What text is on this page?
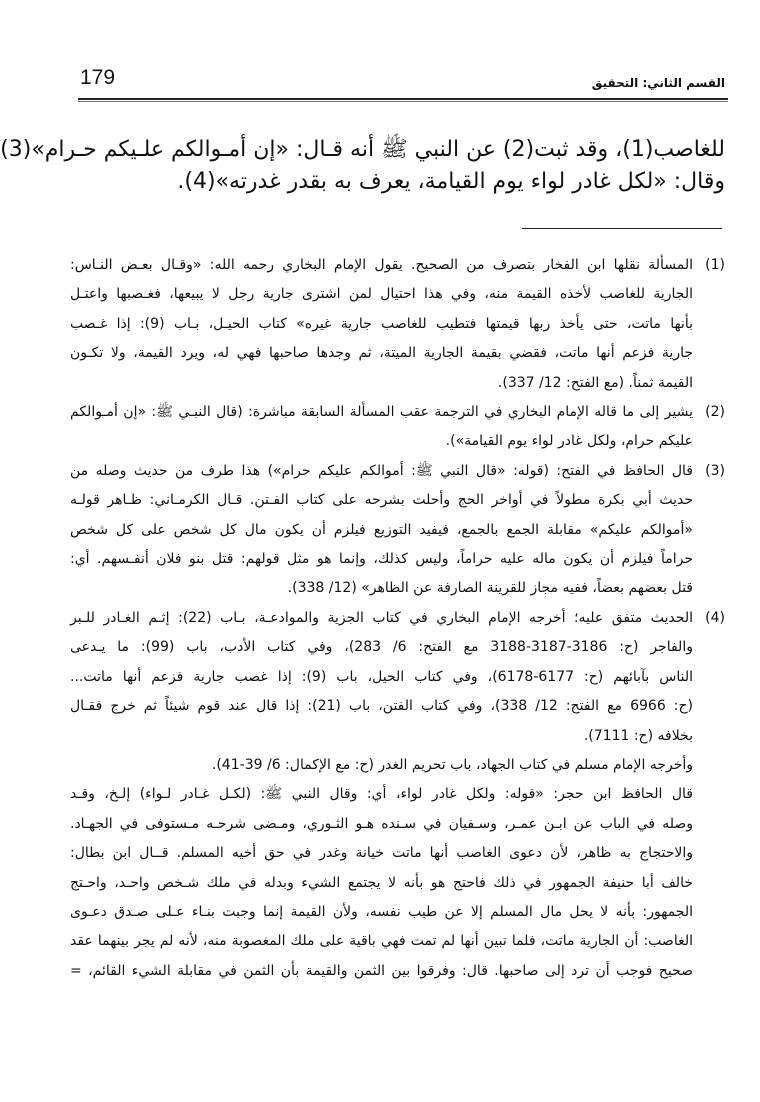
179	القسم الثاني: التحقيق
للغاصب(1)، وقد ثبت(2) عن النبي ﷺ أنه قـال: «إن أمـوالكم علـيكم حـرام»(3)
وقال: «لكل غادر لواء يوم القيامة، يعرف به بقدر غدرته»(4).
(1)المسألة نقلها ابن الفخار بتصرف من الصحيح. يقول الإمام البخاري رحمه الله: «وقـال بعـض النـاس:
الجارية للغاصب لأخذه القيمة منه، وفي هذا احتيال لمن اشترى جارية رجل لا يبيعها، فغـصبها واعتـل
بأنها ماتت، حتى يأخذ ربها قيمتها فتطيب للغاصب جارية غيره» كتاب الحيـل، بـاب (9): إذا غـصب
جارية فزعم أنها ماتت، فقضي بقيمة الجارية الميتة، ثم وجدها صاحبها فهي له، ويرد القيمة، ولا تكـون
القيمة ثمناً. (مع الفتح: 12/ 337).
(2)يشير إلى ما قاله الإمام البخاري في الترجمة عقب المسألة السابقة مباشرة: (قال النبـي ﷺ: «إن أمـوالكم
عليكم حرام، ولكل غادر لواء يوم القيامة»).
(3)قال الحافظ في الفتح: (قوله: «قال النبي ﷺ: أموالكم عليكم حرام») هذا طرف من حديث وصله من
حديث أبي بكرة مطولاً في أواخر الحج وأحلت بشرحه على كتاب الفـتن. قـال الكرمـاني: ظـاهر قولـه
«أموالكم عليكم» مقابلة الجمع بالجمع، فيفيد التوزيع فيلزم أن يكون مال كل شخص على كل شخص
حراماً فيلزم أن يكون ماله عليه حراماً، وليس كذلك، وإنما هو مثل قولهم: قتل بنو فلان أنفـسهم. أي:
قتل بعضهم بعضاً، ففيه مجاز للقرينة الصارفة عن الظاهر» (12/ 338).
(4)الحديث متفق عليه؛ أخرجه الإمام البخاري في كتاب الجزية والموادعـة، بـاب (22): إثـم الغـادر للـبر
والفاجر (ح: 3186-3187-3188 مع الفتح: 6/ 283)، وفي كتاب الأدب، باب (99): ما يـدعى
الناس بآبائهم (ح: 6177-6178)، وفي كتاب الحيل، باب (9): إذا غصب جارية فزعم أنها ماتت...
(ح: 6966 مع الفتح: 12/ 338)، وفي كتاب الفتن، باب (21): إذا قال عند قوم شيئاً ثم خرج فقـال
بخلافه (ح: 7111).
وأخرجه الإمام مسلم في كتاب الجهاد، باب تحريم الغدر (ح: مع الإكمال: 6/ 39-41).
قال الحافظ ابن حجر: «قوله: ولكل غادر لواء، أي: وقال النبي ﷺ: (لكـل غـادر لـواء) إلـخ، وقـد
وصله في الباب عن ابـن عمـر، وسـفيان في سـنده هـو الثـوري، ومـضى شرحـه مـستوفى في الجهـاد.
والاحتجاج به ظاهر، لأن دعوى الغاصب أنها ماتت خيانة وغدر في حق أخيه المسلم. قــال ابن بطال:
خالف أبا حنيفة الجمهور في ذلك فاحتج هو بأنه لا يجتمع الشيء وبدله في ملك شـخص واحـد، واحـتج
الجمهور: بأنه لا يحل مال المسلم إلا عن طيب نفسه، ولأن القيمة إنما وجبت بنـاء عـلى صـدق دعـوى
الغاصب: أن الجارية ماتت، فلما تبين أنها لم تمت فهي باقية على ملك المغصوبة منه، لأنه لم يجر بينهما عقد
صحيح فوجب أن ترد إلى صاحبها. قال: وفرقوا بين الثمن والقيمة بأن الثمن في مقابلة الشيء القائم، =
